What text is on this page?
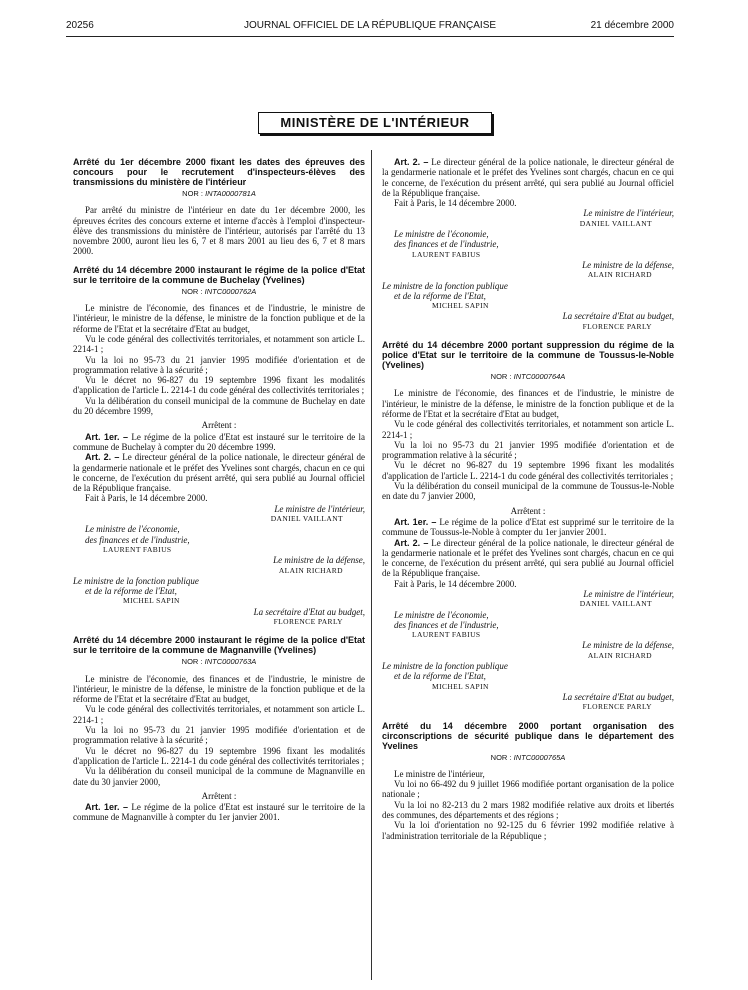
20256	JOURNAL OFFICIEL DE LA RÉPUBLIQUE FRANÇAISE	21 décembre 2000
MINISTÈRE DE L'INTÉRIEUR
Arrêté du 1er décembre 2000 fixant les dates des épreuves des concours pour le recrutement d'inspecteurs-élèves des transmissions du ministère de l'intérieur
NOR : INTA0000781A

Par arrêté du ministre de l'intérieur en date du 1er décembre 2000, les épreuves écrites des concours externe et interne d'accès à l'emploi d'inspecteur-élève des transmissions du ministère de l'intérieur, autorisés par l'arrêté du 13 novembre 2000, auront lieu les 6, 7 et 8 mars 2001 au lieu des 6, 7 et 8 mars 2000.

Arrêté du 14 décembre 2000 instaurant le régime de la police d'Etat sur le territoire de la commune de Buchelay (Yvelines)
NOR : INTC0000762A

Le ministre de l'économie, des finances et de l'industrie, le ministre de l'intérieur, le ministre de la défense, le ministre de la fonction publique et de la réforme de l'Etat et la secrétaire d'Etat au budget,

Vu le code général des collectivités territoriales, et notamment son article L. 2214-1 ;

Vu la loi no 95-73 du 21 janvier 1995 modifiée d'orientation et de programmation relative à la sécurité ;

Vu le décret no 96-827 du 19 septembre 1996 fixant les modalités d'application de l'article L. 2214-1 du code général des collectivités territoriales ;

Vu la délibération du conseil municipal de la commune de Buchelay en date du 20 décembre 1999,

Arrêtent :

Art. 1er. – Le régime de la police d'Etat est instauré sur le territoire de la commune de Buchelay à compter du 20 décembre 1999.

Art. 2. – Le directeur général de la police nationale, le directeur général de la gendarmerie nationale et le préfet des Yvelines sont chargés, chacun en ce qui le concerne, de l'exécution du présent arrêté, qui sera publié au Journal officiel de la République française.

Fait à Paris, le 14 décembre 2000.

Le ministre de l'intérieur,
DANIEL VAILLANT
Le ministre de l'économie,
des finances et de l'industrie,
LAURENT FABIUS
Le ministre de la défense,
ALAIN RICHARD
Le ministre de la fonction publique
et de la réforme de l'Etat,
MICHEL SAPIN
La secrétaire d'Etat au budget,
FLORENCE PARLY
Arrêté du 14 décembre 2000 instaurant le régime de la police d'Etat sur le territoire de la commune de Magnanville (Yvelines)
NOR : INTC0000763A

Le ministre de l'économie, des finances et de l'industrie, le ministre de l'intérieur, le ministre de la défense, le ministre de la fonction publique et de la réforme de l'Etat et la secrétaire d'Etat au budget,

Vu le code général des collectivités territoriales, et notamment son article L. 2214-1 ;

Vu la loi no 95-73 du 21 janvier 1995 modifiée d'orientation et de programmation relative à la sécurité ;

Vu le décret no 96-827 du 19 septembre 1996 fixant les modalités d'application de l'article L. 2214-1 du code général des collectivités territoriales ;

Vu la délibération du conseil municipal de la commune de Magnanville en date du 30 janvier 2000,

Arrêtent :

Art. 1er. – Le régime de la police d'Etat est instauré sur le territoire de la commune de Magnanville à compter du 1er janvier 2001.

Art. 2. – Le directeur général de la police nationale, le directeur général de la gendarmerie nationale et le préfet des Yvelines sont chargés, chacun en ce qui le concerne, de l'exécution du présent arrêté, qui sera publié au Journal officiel de la République française.

Fait à Paris, le 14 décembre 2000.

Le ministre de l'intérieur,
DANIEL VAILLANT
Le ministre de l'économie,
des finances et de l'industrie,
LAURENT FABIUS
Le ministre de la défense,
ALAIN RICHARD
Le ministre de la fonction publique
et de la réforme de l'Etat,
MICHEL SAPIN
La secrétaire d'Etat au budget,
FLORENCE PARLY
Arrêté du 14 décembre 2000 portant suppression du régime de la police d'Etat sur le territoire de la commune de Toussus-le-Noble (Yvelines)
NOR : INTC0000764A

Le ministre de l'économie, des finances et de l'industrie, le ministre de l'intérieur, le ministre de la défense, le ministre de la fonction publique et de la réforme de l'Etat et la secrétaire d'Etat au budget,

Vu le code général des collectivités territoriales, et notamment son article L. 2214-1 ;

Vu la loi no 95-73 du 21 janvier 1995 modifiée d'orientation et de programmation relative à la sécurité ;

Vu le décret no 96-827 du 19 septembre 1996 fixant les modalités d'application de l'article L. 2214-1 du code général des collectivités territoriales ;

Vu la délibération du conseil municipal de la commune de Toussus-le-Noble en date du 7 janvier 2000,

Arrêtent :

Art. 1er. – Le régime de la police d'Etat est supprimé sur le territoire de la commune de Toussus-le-Noble à compter du 1er janvier 2001.

Art. 2. – Le directeur général de la police nationale, le directeur général de la gendarmerie nationale et le préfet des Yvelines sont chargés, chacun en ce qui le concerne, de l'exécution du présent arrêté, qui sera publié au Journal officiel de la République française.

Fait à Paris, le 14 décembre 2000.

Le ministre de l'intérieur,
DANIEL VAILLANT
Le ministre de l'économie,
des finances et de l'industrie,
LAURENT FABIUS
Le ministre de la défense,
ALAIN RICHARD
Le ministre de la fonction publique
et de la réforme de l'Etat,
MICHEL SAPIN
La secrétaire d'Etat au budget,
FLORENCE PARLY
Arrêté du 14 décembre 2000 portant organisation des circonscriptions de sécurité publique dans le département des Yvelines
NOR : INTC0000765A

Le ministre de l'intérieur,

Vu loi no 66-492 du 9 juillet 1966 modifiée portant organisation de la police nationale ;

Vu la loi no 82-213 du 2 mars 1982 modifiée relative aux droits et libertés des communes, des départements et des régions ;

Vu la loi d'orientation no 92-125 du 6 février 1992 modifiée relative à l'administration territoriale de la République ;
